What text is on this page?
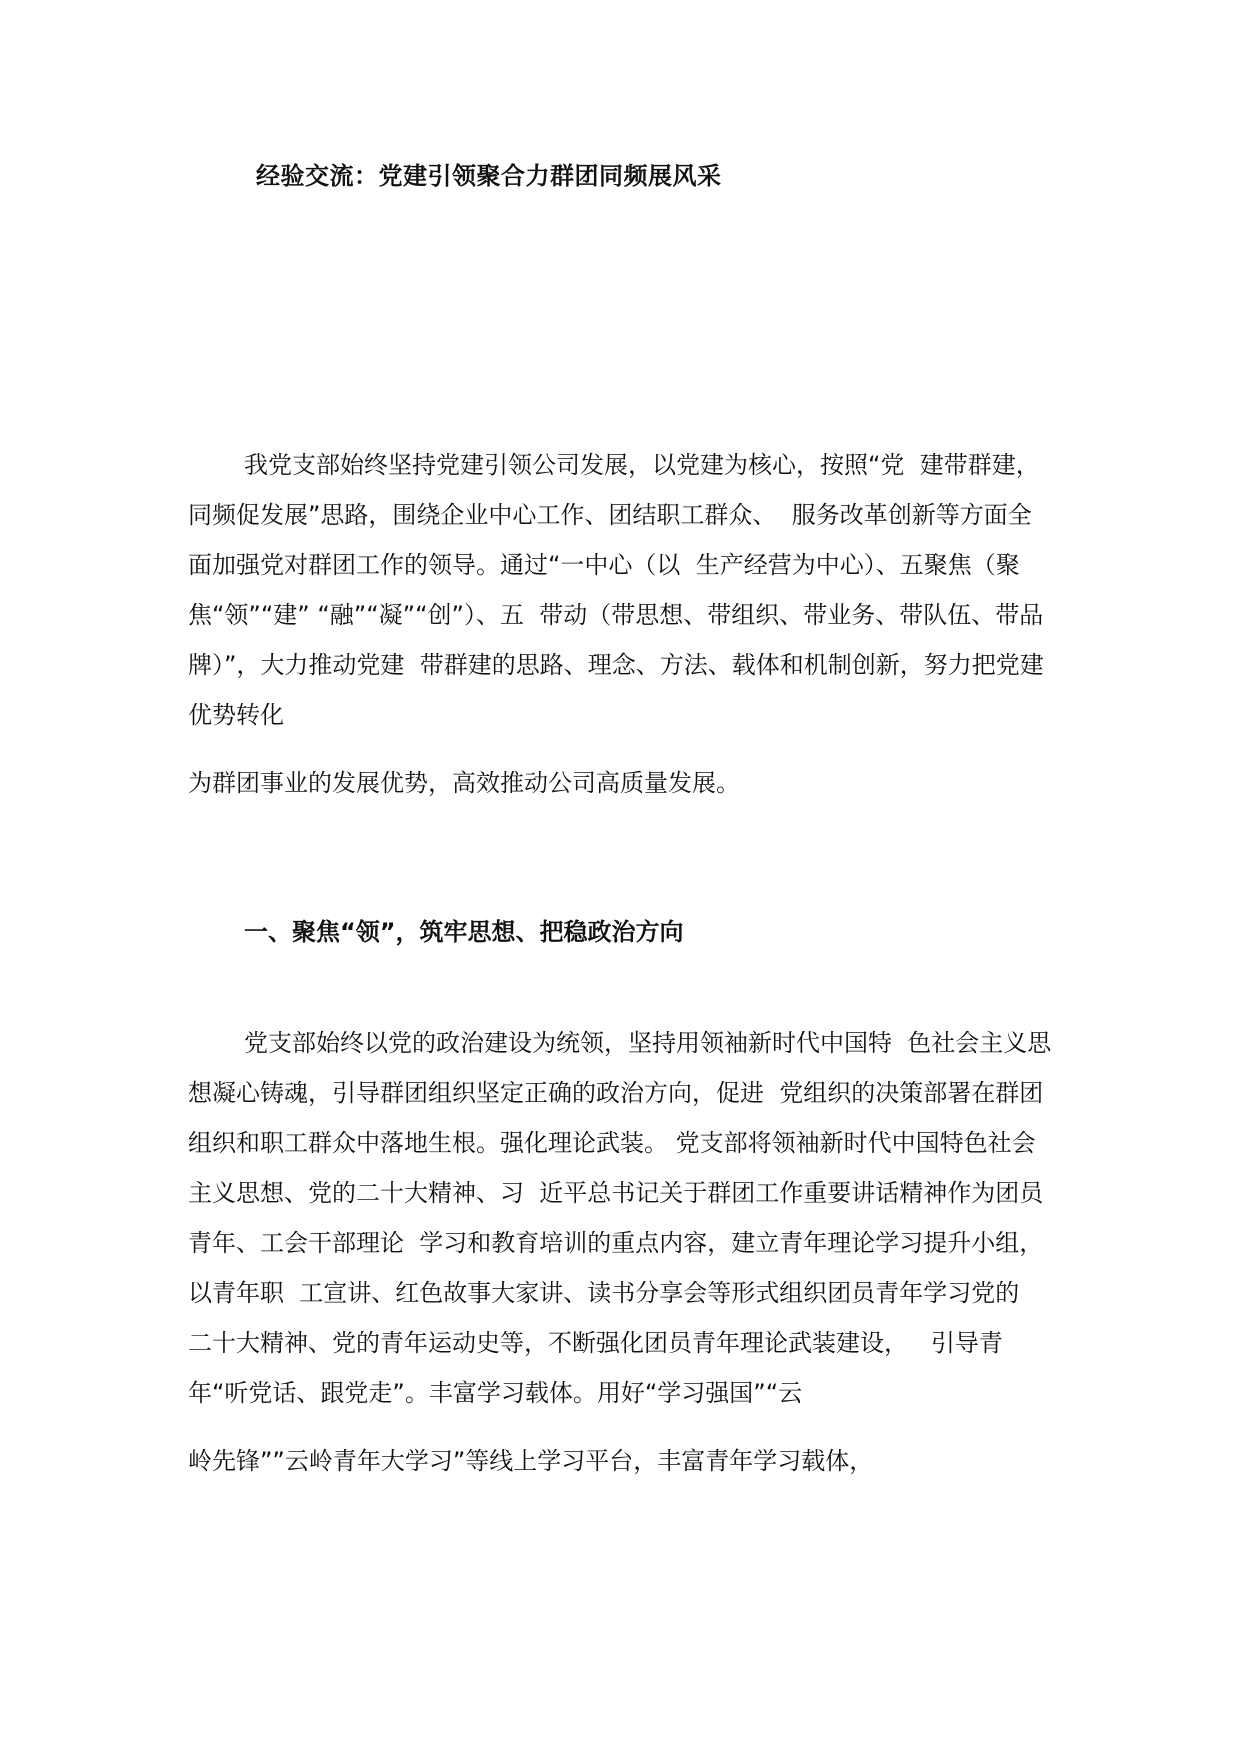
经验交流：党建引领聚合力群团同频展风采
我党支部始终坚持党建引领公司发展，以党建为核心，按照“党  建带群建，
同频促发展”思路，围绕企业中心工作、团结职工群众、  服务改革创新等方面全
面加强党对群团工作的领导。通过“一中心（以  生产经营为中心）、五聚焦（聚
焦“领”“建” “融”“凝”“创”）、五  带动（带思想、带组织、带业务、带队伍、带品
牌）”，大力推动党建  带群建的思路、理念、方法、载体和机制创新，努力把党建
优势转化
为群团事业的发展优势，高效推动公司高质量发展。
一、聚焦“领”，筑牢思想、把稳政治方向
党支部始终以党的政治建设为统领，坚持用领袖新时代中国特  色社会主义思
想凝心铸魂，引导群团组织坚定正确的政治方向，促进  党组织的决策部署在群团
组织和职工群众中落地生根。强化理论武装。 党支部将领袖新时代中国特色社会
主义思想、党的二十大精神、习  近平总书记关于群团工作重要讲话精神作为团员
青年、工会干部理论  学习和教育培训的重点内容，建立青年理论学习提升小组，
以青年职  工宣讲、红色故事大家讲、读书分享会等形式组织团员青年学习党的
二十大精神、党的青年运动史等，不断强化团员青年理论武装建设，   引导青
年“听党话、跟党走”。丰富学习载体。用好“学习强国”“云
岭先锋””云岭青年大学习”等线上学习平台，丰富青年学习载体，
